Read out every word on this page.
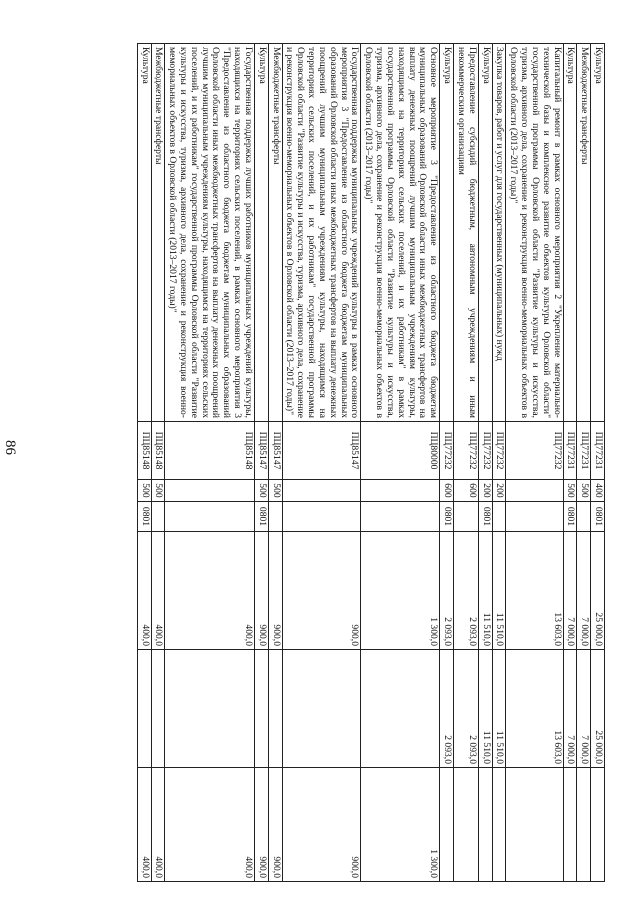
86
Культура	ПЦ77231	400	0801	25 000,0	25 000,0	
Межбюджетные трансферты	ПЦ77231	500		7 000,0	7 000,0	
Культура	ПЦ77231	500	0801	7 000,0	7 000,0	
Капитальный ремонт в рамках основного мероприятия 2 "Укрепление материально-технической базы и комплексное развитие объектов культуры Орловской области" государственной программы Орловской области "Развитие культуры и искусства, туризма, архивного дела, сохранение и реконструкция военно-мемориальных объектов в Орловской области (2013–2017 годы)"	ПЦ77232			13 603,0	13 603,0	
Закупка товаров, работ и услуг для государственных (муниципальных) нужд	ПЦ77232	200		11 510,0	11 510,0	
Культура	ПЦ77232	200	0801	11 510,0	11 510,0	
Предоставление субсидий бюджетным, автономным учреждениям и иным некоммерческим организациям	ПЦ77232	600		2 093,0	2 093,0	
Культура	ПЦ77232	600	0801	2 093,0	2 093,0	
Основное мероприятие 3 "Предоставление из областного бюджета бюджетам муниципальных образований Орловской области иных межбюджетных трансфертов на выплату денежных поощрений лучшим муниципальным учреждениям культуры, находящимся на территориях сельских поселений, и их работникам" в рамках государственной программы Орловской области "Развитие культуры и искусства, туризма, архивного дела, сохранение и реконструкция военно-мемориальных объектов в Орловской области (2013–2017 годы)"	ПЦ80000			1 300,0		1 300,0
Государственная поддержка муниципальных учреждений культуры в рамках основного мероприятия 3 "Предоставление из областного бюджета бюджетам муниципальных образований Орловской области иных межбюджетных трансфертов на выплату денежных поощрений лучшим муниципальным учреждениям культуры, находящимся на территориях сельских поселений, и их работникам" государственной программы Орловской области "Развитие культуры и искусства, туризма, архивного дела, сохранение и реконструкция военно-мемориальных объектов в Орловской области (2013–2017 годы)"	ПЦ85147			900,0		900,0
Межбюджетные трансферты	ПЦ85147	500		900,0		900,0
Культура	ПЦ85147	500	0801	900,0		900,0
Государственная поддержка лучших работников муниципальных учреждений культуры, находящихся на территориях сельских поселений, в рамках основного мероприятия 3 "Предоставление из областного бюджета бюджетам муниципальных образований Орловской области иных межбюджетных трансфертов на выплату денежных поощрений лучшим муниципальным учреждениям культуры, находящимся на территориях сельских поселений, и их работникам" государственной программы Орловской области "Развитие культуры и искусства, туризма, архивного дела, сохранение и реконструкция военно-мемориальных объектов в Орловской области (2013–2017 годы)"	ПЦ85148			400,0		400,0
Межбюджетные трансферты	ПЦ85148	500		400,0		400,0
Культура	ПЦ85148	500	0801	400,0		400,0
